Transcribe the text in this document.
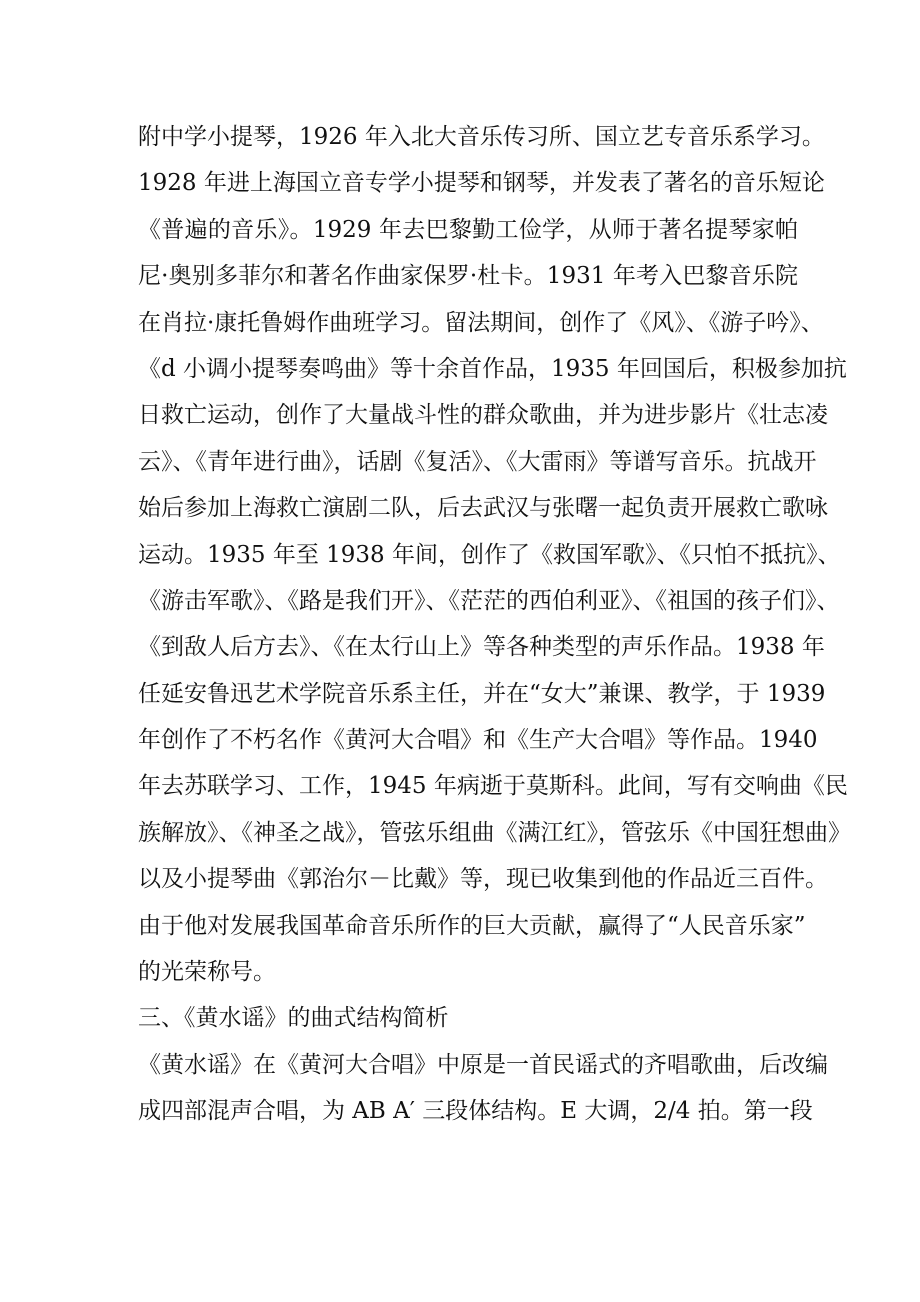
附中学小提琴，1926 年入北大音乐传习所、国立艺专音乐系学习。
1928 年进上海国立音专学小提琴和钢琴，并发表了著名的音乐短论
《普遍的音乐》。1929 年去巴黎勤工俭学，从师于著名提琴家帕
尼·奥别多菲尔和著名作曲家保罗·杜卡。1931 年考入巴黎音乐院
在肖拉·康托鲁姆作曲班学习。留法期间，创作了《风》、《游子吟》、
《d 小调小提琴奏鸣曲》等十余首作品，1935 年回国后，积极参加抗
日救亡运动，创作了大量战斗性的群众歌曲，并为进步影片《壮志凌
云》、《青年进行曲》，话剧《复活》、《大雷雨》等谱写音乐。抗战开
始后参加上海救亡演剧二队，后去武汉与张曙一起负责开展救亡歌咏
运动。1935 年至 1938 年间，创作了《救国军歌》、《只怕不抵抗》、
《游击军歌》、《路是我们开》、《茫茫的西伯利亚》、《祖国的孩子们》、
《到敌人后方去》、《在太行山上》等各种类型的声乐作品。1938 年
任延安鲁迅艺术学院音乐系主任，并在“女大”兼课、教学，于 1939
年创作了不朽名作《黄河大合唱》和《生产大合唱》等作品。1940
年去苏联学习、工作，1945 年病逝于莫斯科。此间，写有交响曲《民
族解放》、《神圣之战》，管弦乐组曲《满江红》，管弦乐《中国狂想曲》
以及小提琴曲《郭治尔－比戴》等，现已收集到他的作品近三百件。
由于他对发展我国革命音乐所作的巨大贡献，赢得了“人民音乐家”
的光荣称号。
三、《黄水谣》的曲式结构简析
《黄水谣》在《黄河大合唱》中原是一首民谣式的齐唱歌曲，后改编
成四部混声合唱，为 AB A′ 三段体结构。E 大调，2/4 拍。第一段
